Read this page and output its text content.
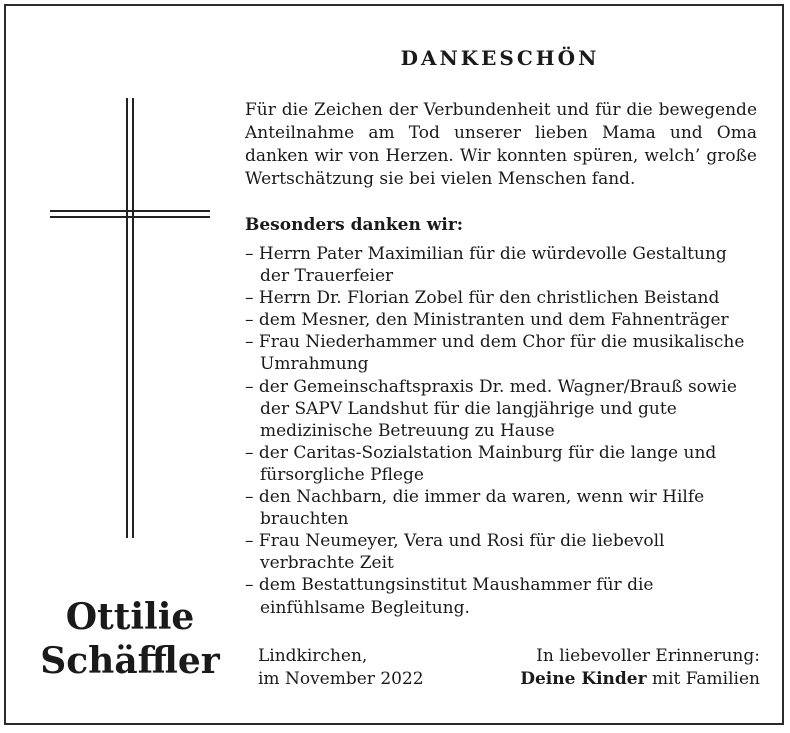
DANKESCHÖN
Für die Zeichen der Verbundenheit und für die bewegende Anteilnahme am Tod unserer lieben Mama und Oma danken wir von Herzen. Wir konnten spüren, welch’ große Wertschätzung sie bei vielen Menschen fand.
Besonders danken wir:
– Herrn Pater Maximilian für die würdevolle Gestaltung der Trauerfeier
– Herrn Dr. Florian Zobel für den christlichen Beistand
– dem Mesner, den Ministranten und dem Fahnenträger
– Frau Niederhammer und dem Chor für die musikalische Umrahmung
– der Gemeinschaftspraxis Dr. med. Wagner/Brauß sowie der SAPV Landshut für die langjährige und gute medizinische Betreuung zu Hause
– der Caritas-Sozialstation Mainburg für die lange und fürsorgliche Pflege
– den Nachbarn, die immer da waren, wenn wir Hilfe brauchten
– Frau Neumeyer, Vera und Rosi für die liebevoll verbrachte Zeit
– dem Bestattungsinstitut Maushammer für die einfühlsame Begleitung.
Ottilie
Schäffler	Lindkirchen,
im November 2022
In liebevoller Erinnerung:
Deine Kinder mit Familien
